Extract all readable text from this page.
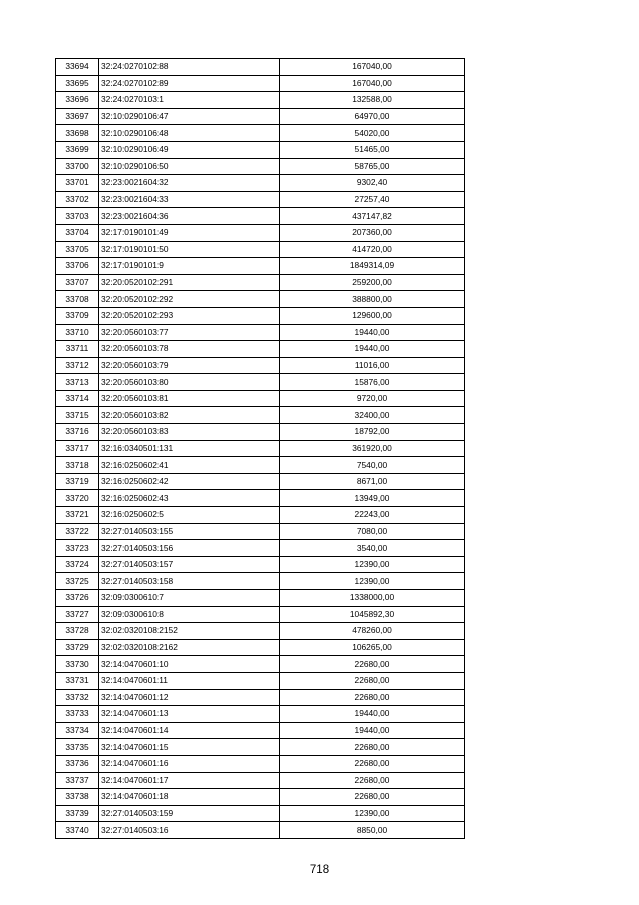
33694	32:24:0270102:88	167040,00
33695	32:24:0270102:89	167040,00
33696	32:24:0270103:1	132588,00
33697	32:10:0290106:47	64970,00
33698	32:10:0290106:48	54020,00
33699	32:10:0290106:49	51465,00
33700	32:10:0290106:50	58765,00
33701	32:23:0021604:32	9302,40
33702	32:23:0021604:33	27257,40
33703	32:23:0021604:36	437147,82
33704	32:17:0190101:49	207360,00
33705	32:17:0190101:50	414720,00
33706	32:17:0190101:9	1849314,09
33707	32:20:0520102:291	259200,00
33708	32:20:0520102:292	388800,00
33709	32:20:0520102:293	129600,00
33710	32:20:0560103:77	19440,00
33711	32:20:0560103:78	19440,00
33712	32:20:0560103:79	11016,00
33713	32:20:0560103:80	15876,00
33714	32:20:0560103:81	9720,00
33715	32:20:0560103:82	32400,00
33716	32:20:0560103:83	18792,00
33717	32:16:0340501:131	361920,00
33718	32:16:0250602:41	7540,00
33719	32:16:0250602:42	8671,00
33720	32:16:0250602:43	13949,00
33721	32:16:0250602:5	22243,00
33722	32:27:0140503:155	7080,00
33723	32:27:0140503:156	3540,00
33724	32:27:0140503:157	12390,00
33725	32:27:0140503:158	12390,00
33726	32:09:0300610:7	1338000,00
33727	32:09:0300610:8	1045892,30
33728	32:02:0320108:2152	478260,00
33729	32:02:0320108:2162	106265,00
33730	32:14:0470601:10	22680,00
33731	32:14:0470601:11	22680,00
33732	32:14:0470601:12	22680,00
33733	32:14:0470601:13	19440,00
33734	32:14:0470601:14	19440,00
33735	32:14:0470601:15	22680,00
33736	32:14:0470601:16	22680,00
33737	32:14:0470601:17	22680,00
33738	32:14:0470601:18	22680,00
33739	32:27:0140503:159	12390,00
33740	32:27:0140503:16	8850,00
718
